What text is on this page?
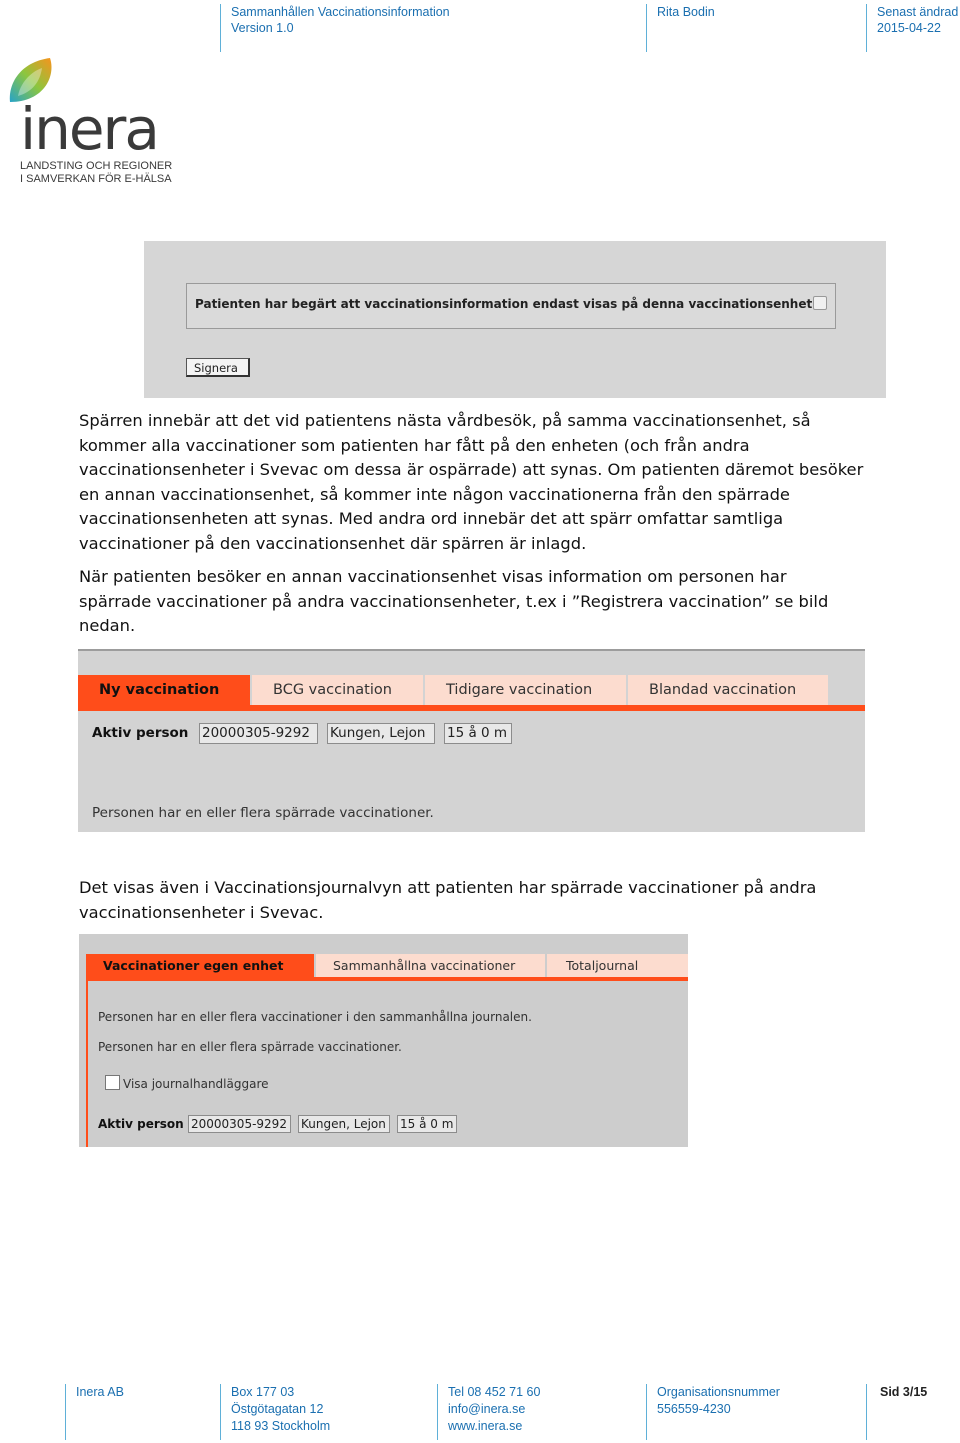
Sammanhållen Vaccinationsinformation
Version 1.0
Rita Bodin	Senast ändrad
2015-04-22
inera
LANDSTING OCH REGIONER
I SAMVERKAN FÖR E-HÄLSA
Patienten har begärt att vaccinationsinformation endast visas på denna vaccinationsenhet
Signera
Spärren innebär att det vid patientens nästa vårdbesök, på samma vaccinationsenhet, så
kommer alla vaccinationer som patienten har fått på den enheten (och från andra
vaccinationsenheter i Svevac om dessa är ospärrade) att synas. Om patienten däremot besöker
en annan vaccinationsenhet, så kommer inte någon vaccinationerna från den spärrade
vaccinationsenheten att synas. Med andra ord innebär det att spärr omfattar samtliga
vaccinationer på den vaccinationsenhet där spärren är inlagd.
När patienten besöker en annan vaccinationsenhet visas information om personen har
spärrade vaccinationer på andra vaccinationsenheter, t.ex i ”Registrera vaccination” se bild
nedan.
Ny vaccination	BCG vaccination	Tidigare vaccination	Blandad vaccination
Aktiv person 20000305-9292	Kungen, Lejon	15 å 0 m
Personen har en eller flera spärrade vaccinationer.
Det visas även i Vaccinationsjournalvyn att patienten har spärrade vaccinationer på andra
vaccinationsenheter i Svevac.
Vaccinationer egen enhet	Sammanhållna vaccinationer	Totaljournal
Personen har en eller flera vaccinationer i den sammanhållna journalen.
Personen har en eller flera spärrade vaccinationer.
Visa journalhandläggare
Aktiv person 20000305-9292	Kungen, Lejon	15 å 0 m
Inera AB	Box 177 03
Östgötagatan 12
118 93 Stockholm
Tel 08 452 71 60
info@inera.se
www.inera.se
Organisationsnummer
556559-4230
Sid 3/15
